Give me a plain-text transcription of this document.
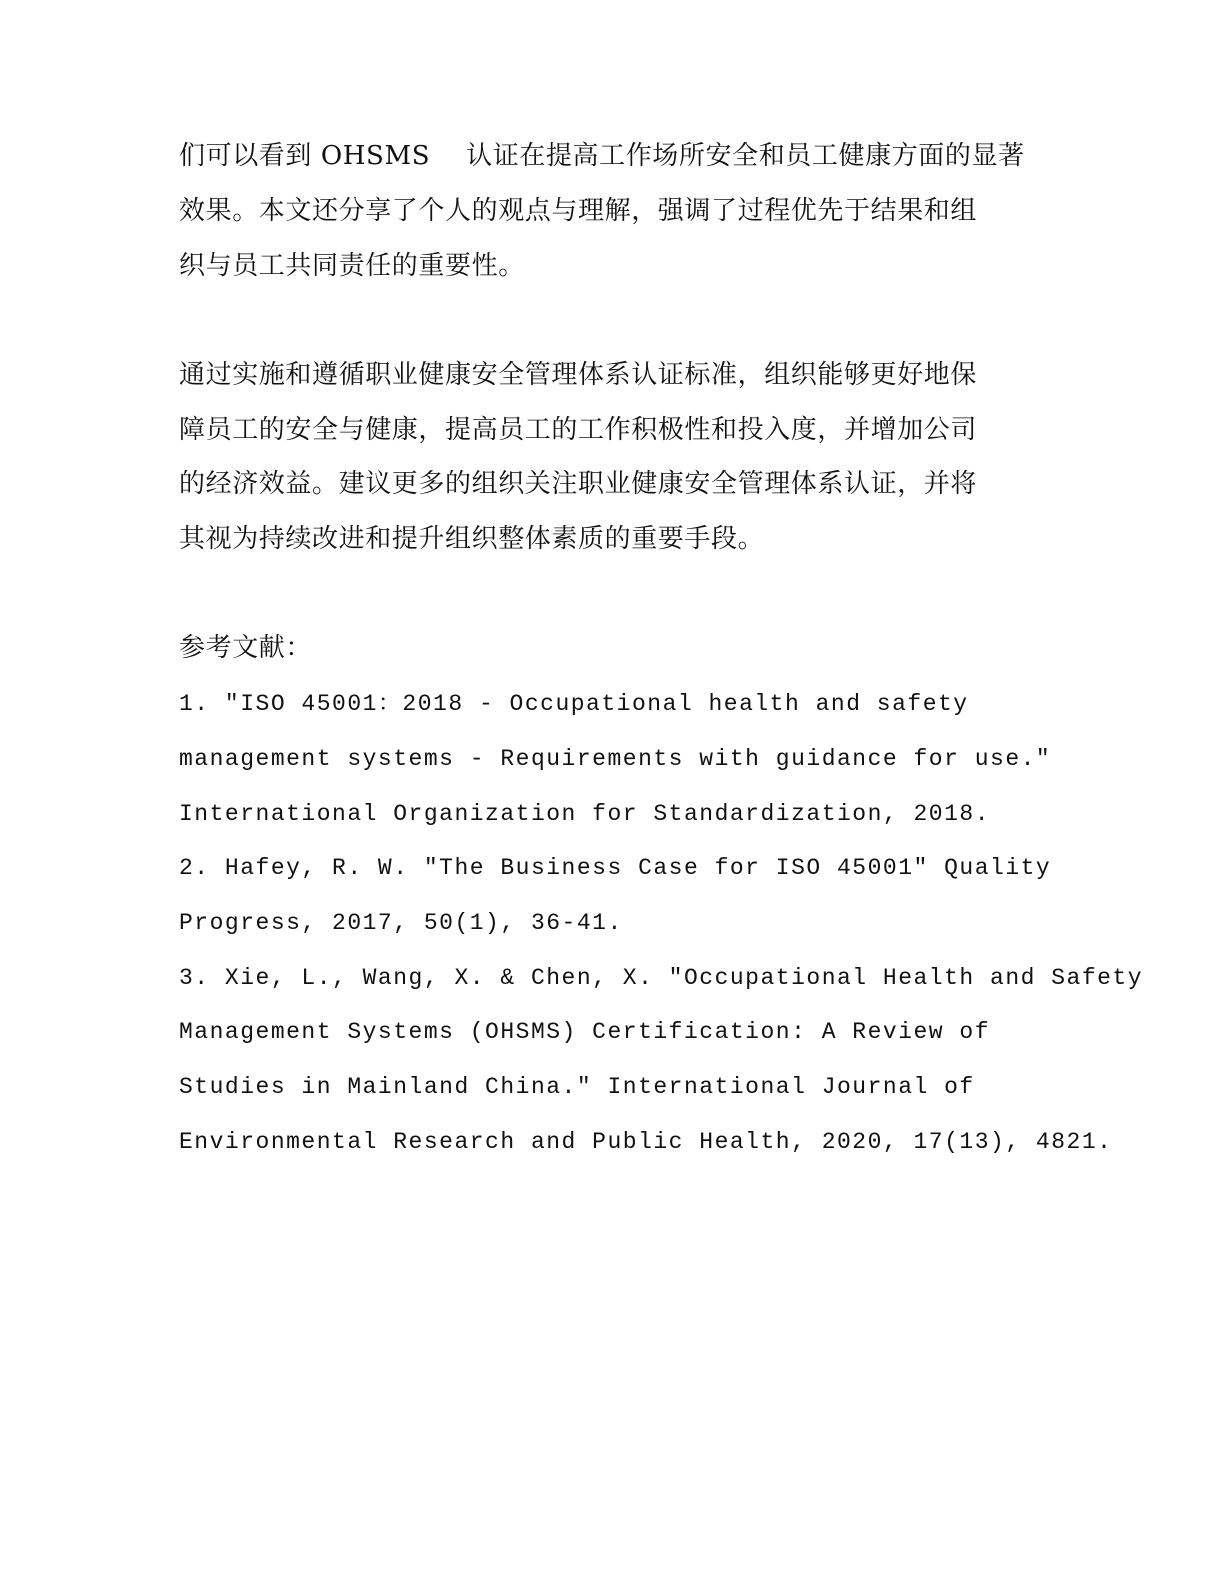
们可以看到 OHSMS 认证在提高工作场所安全和员工健康方面的显著
效果。本文还分享了个人的观点与理解，强调了过程优先于结果和组
织与员工共同责任的重要性。
通过实施和遵循职业健康安全管理体系认证标准，组织能够更好地保
障员工的安全与健康，提高员工的工作积极性和投入度，并增加公司
的经济效益。建议更多的组织关注职业健康安全管理体系认证，并将
其视为持续改进和提升组织整体素质的重要手段。
参考文献：
1. "ISO 45001：2018 - Occupational health and safety
management systems - Requirements with guidance for use."
International Organization for Standardization, 2018.
2. Hafey, R. W. "The Business Case for ISO 45001" Quality
Progress, 2017, 50(1), 36-41.
3. Xie, L., Wang, X. & Chen, X. "Occupational Health and Safety
Management Systems (OHSMS) Certification: A Review of
Studies in Mainland China." International Journal of
Environmental Research and Public Health, 2020, 17(13), 4821.
